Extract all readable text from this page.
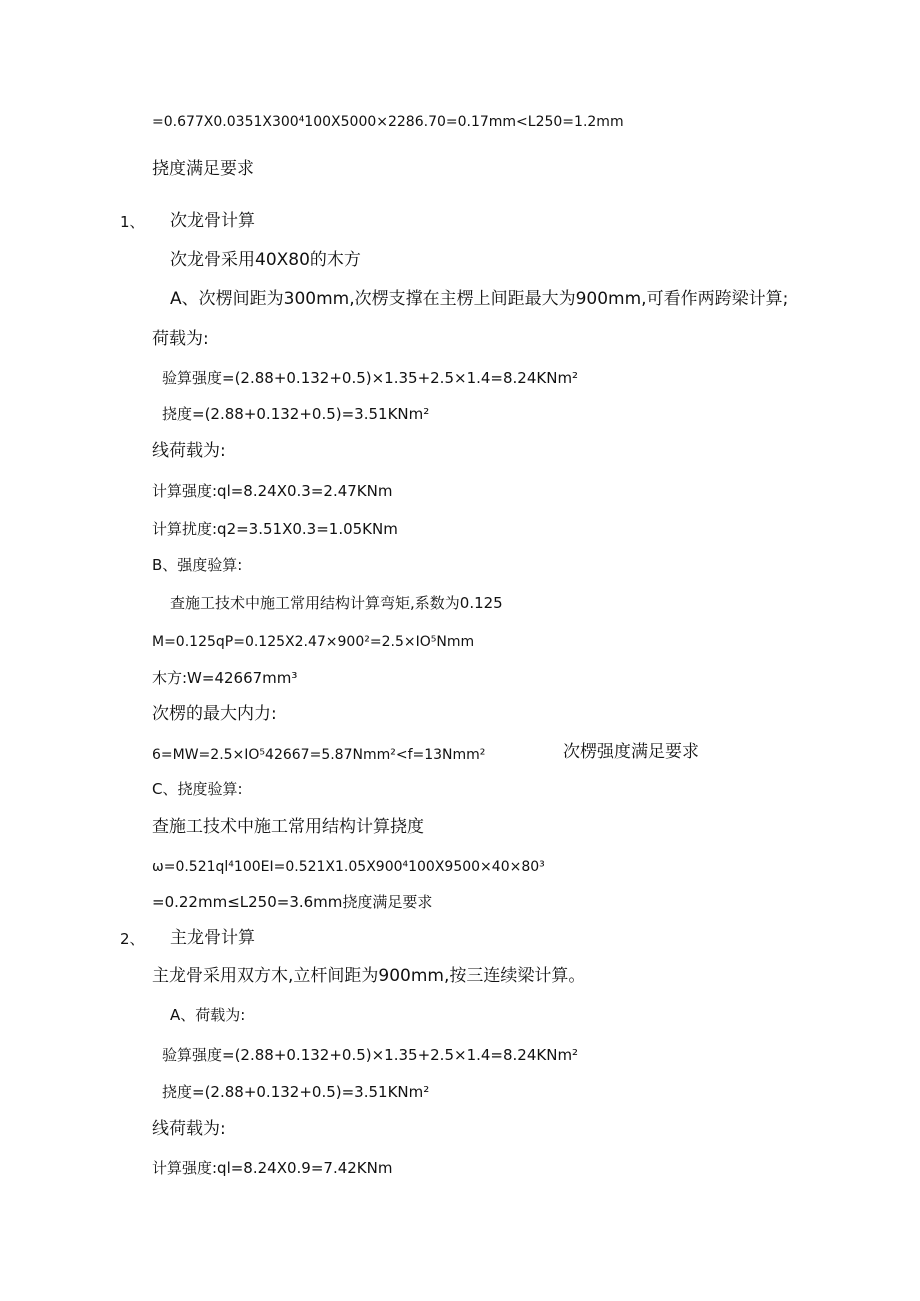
=0.677X0.0351X300⁴100X5000×2286.70=0.17mm<L250=1.2mm
挠度满足要求
1、 次龙骨计算
次龙骨采用40X80的木方
A、次楞间距为300mm,次楞支撑在主楞上间距最大为900mm,可看作两跨梁计算;
荷载为:
验算强度=(2.88+0.132+0.5)×1.35+2.5×1.4=8.24KNm²
挠度=(2.88+0.132+0.5)=3.51KNm²
线荷载为:
计算强度:ql=8.24X0.3=2.47KNm
计算扰度:q2=3.51X0.3=1.05KNm
B、强度验算:
查施工技术中施工常用结构计算弯矩,系数为0.125
M=0.125qP=0.125X2.47×900²=2.5×IO⁵Nmm
木方:W=42667mm³
次楞的最大内力:
6=MW=2.5×IO⁵42667=5.87Nmm²<f=13Nmm²	次楞强度满足要求
C、挠度验算:
查施工技术中施工常用结构计算挠度
ω=0.521ql⁴100EI=0.521X1.05X900⁴100X9500×40×80³
=0.22mm≤L250=3.6mm挠度满足要求
2、 主龙骨计算
主龙骨采用双方木,立杆间距为900mm,按三连续梁计算。
A、荷载为:
验算强度=(2.88+0.132+0.5)×1.35+2.5×1.4=8.24KNm²
挠度=(2.88+0.132+0.5)=3.51KNm²
线荷载为:
计算强度:ql=8.24X0.9=7.42KNm
